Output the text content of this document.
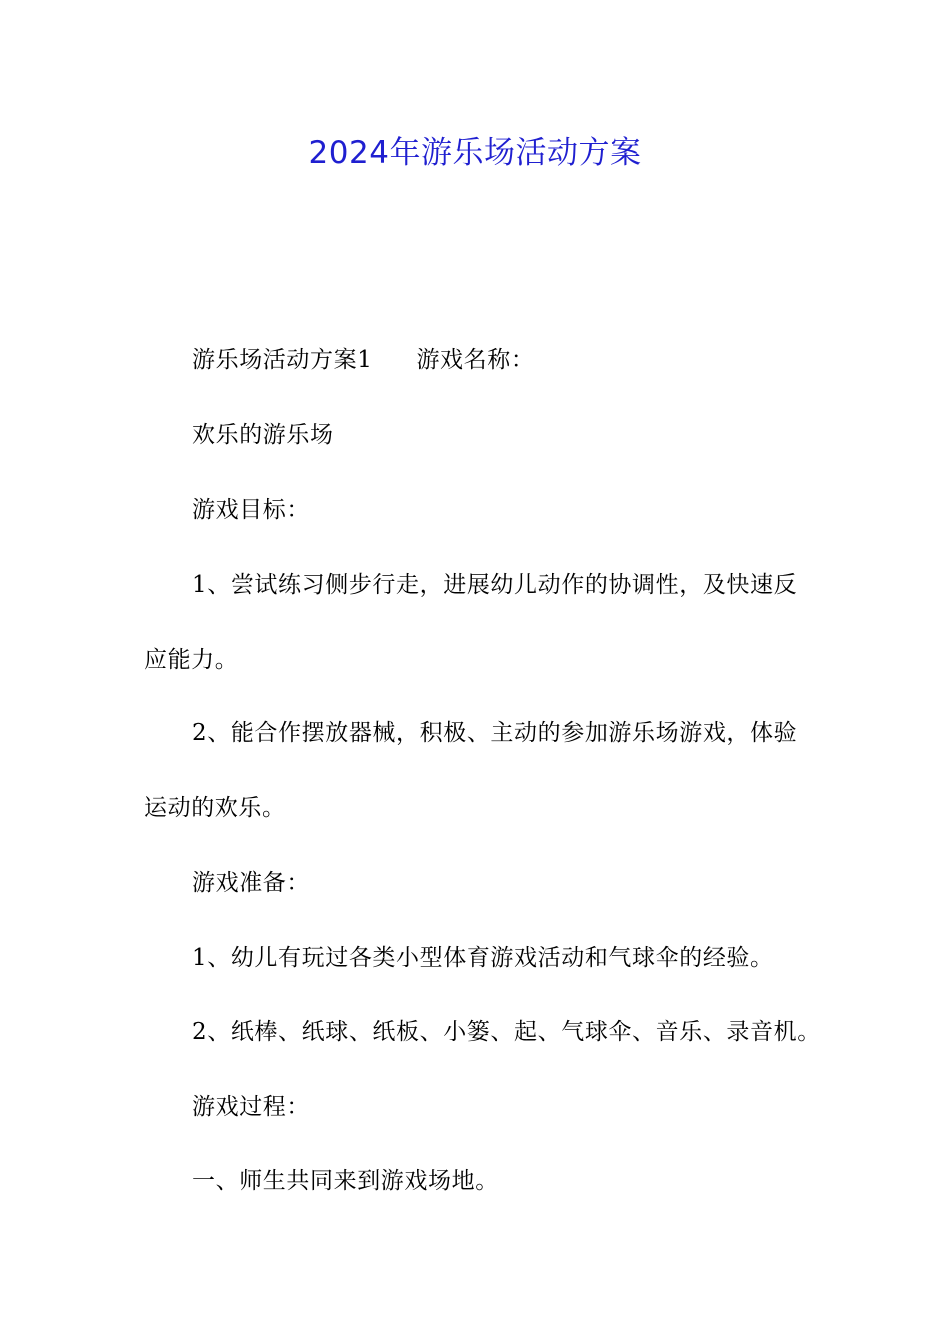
2024年游乐场活动方案
游乐场活动方案1 游戏名称：
欢乐的游乐场
游戏目标：
1、尝试练习侧步行走，进展幼儿动作的协调性，及快速反
应能力。
2、能合作摆放器械，积极、主动的参加游乐场游戏，体验
运动的欢乐。
游戏准备：
1、幼儿有玩过各类小型体育游戏活动和气球伞的经验。
2、纸棒、纸球、纸板、小篓、起、气球伞、音乐、录音机。
游戏过程：
一、师生共同来到游戏场地。
